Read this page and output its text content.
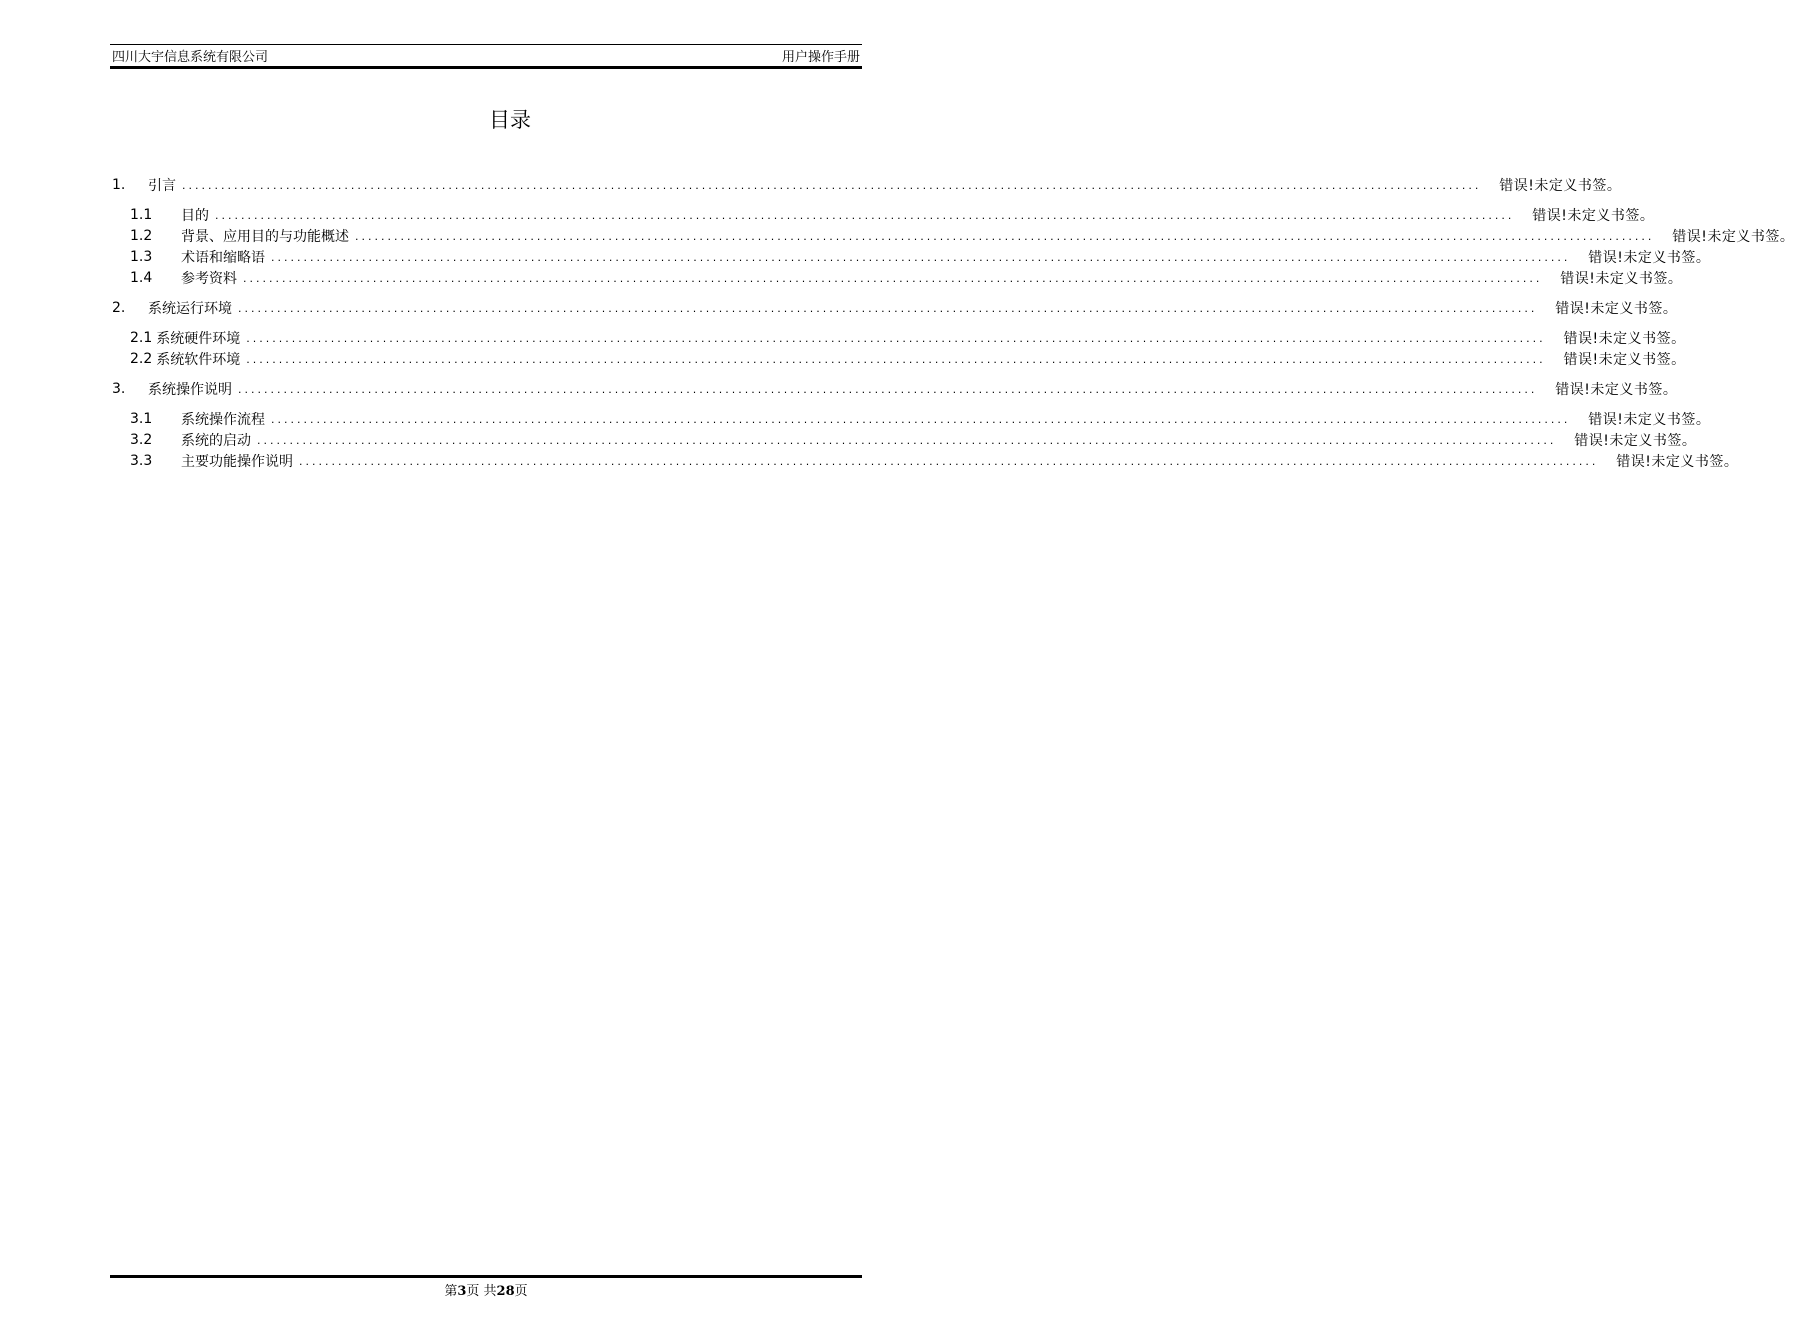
四川大宇信息系统有限公司	用户操作手册
目录
1.	引言 ........................................................................................................................................................................................................	错误!未定义书签。
1.1	目的 ........................................................................................................................................................................................................	错误!未定义书签。
1.2	背景、应用目的与功能概述 ........................................................................................................................................................................................................	错误!未定义书签。
1.3	术语和缩略语 ........................................................................................................................................................................................................	错误!未定义书签。
1.4	参考资料 ........................................................................................................................................................................................................	错误!未定义书签。
2.	系统运行环境 ........................................................................................................................................................................................................	错误!未定义书签。
2.1 系统硬件环境 ........................................................................................................................................................................................................	错误!未定义书签。
2.2 系统软件环境 ........................................................................................................................................................................................................	错误!未定义书签。
3.	系统操作说明 ........................................................................................................................................................................................................	错误!未定义书签。
3.1	系统操作流程 ........................................................................................................................................................................................................	错误!未定义书签。
3.2	系统的启动 ........................................................................................................................................................................................................	错误!未定义书签。
3.3	主要功能操作说明 ........................................................................................................................................................................................................	错误!未定义书签。
第3页 共28页
